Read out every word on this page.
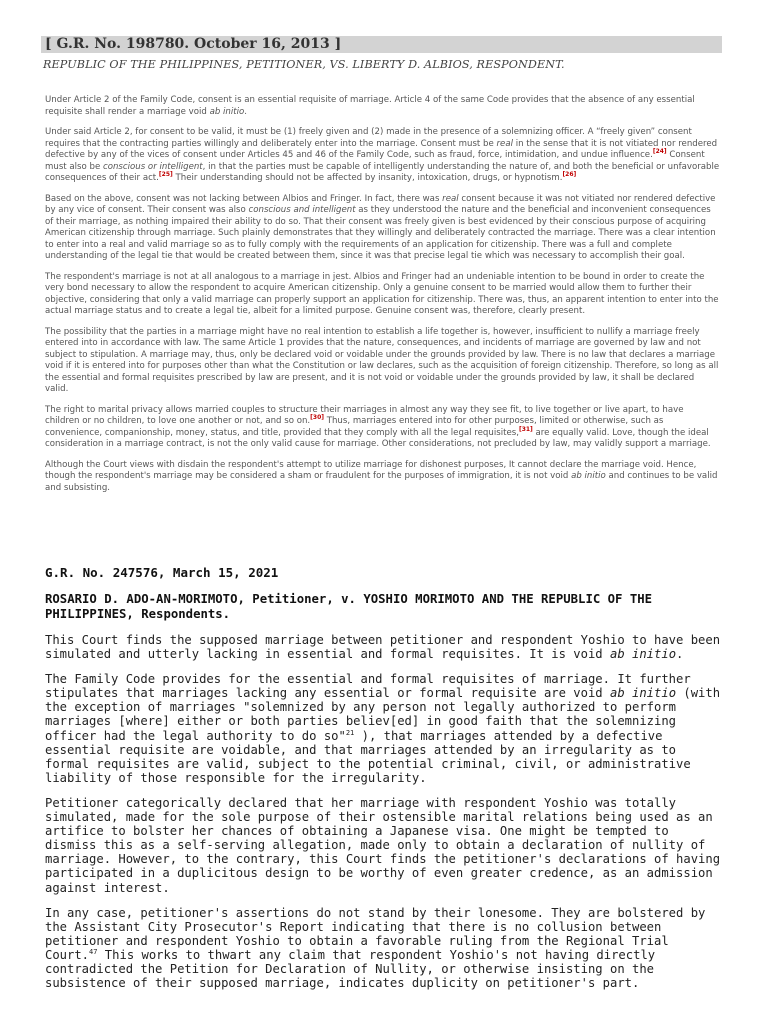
[ G.R. No. 198780. October 16, 2013 ]
REPUBLIC OF THE PHILIPPINES, PETITIONER, VS. LIBERTY D. ALBIOS, RESPONDENT.

Under Article 2 of the Family Code, consent is an essential requisite of marriage. Article 4 of the same Code provides that the absence of any essential requisite shall render a marriage void ab initio.

Under said Article 2, for consent to be valid, it must be (1) freely given and (2) made in the presence of a solemnizing officer. A “freely given” consent requires that the contracting parties willingly and deliberately enter into the marriage. Consent must be real in the sense that it is not vitiated nor rendered defective by any of the vices of consent under Articles 45 and 46 of the Family Code, such as fraud, force, intimidation, and undue influence.[24] Consent must also be conscious or intelligent, in that the parties must be capable of intelligently understanding the nature of, and both the beneficial or unfavorable consequences of their act.[25] Their understanding should not be affected by insanity, intoxication, drugs, or hypnotism.[26]

Based on the above, consent was not lacking between Albios and Fringer. In fact, there was real consent because it was not vitiated nor rendered defective by any vice of consent. Their consent was also conscious and intelligent as they understood the nature and the beneficial and inconvenient consequences of their marriage, as nothing impaired their ability to do so. That their consent was freely given is best evidenced by their conscious purpose of acquiring American citizenship through marriage. Such plainly demonstrates that they willingly and deliberately contracted the marriage. There was a clear intention to enter into a real and valid marriage so as to fully comply with the requirements of an application for citizenship. There was a full and complete understanding of the legal tie that would be created between them, since it was that precise legal tie which was necessary to accomplish their goal.

The respondent's marriage is not at all analogous to a marriage in jest. Albios and Fringer had an undeniable intention to be bound in order to create the very bond necessary to allow the respondent to acquire American citizenship. Only a genuine consent to be married would allow them to further their objective, considering that only a valid marriage can properly support an application for citizenship. There was, thus, an apparent intention to enter into the actual marriage status and to create a legal tie, albeit for a limited purpose. Genuine consent was, therefore, clearly present.

The possibility that the parties in a marriage might have no real intention to establish a life together is, however, insufficient to nullify a marriage freely entered into in accordance with law. The same Article 1 provides that the nature, consequences, and incidents of marriage are governed by law and not subject to stipulation. A marriage may, thus, only be declared void or voidable under the grounds provided by law. There is no law that declares a marriage void if it is entered into for purposes other than what the Constitution or law declares, such as the acquisition of foreign citizenship. Therefore, so long as all the essential and formal requisites prescribed by law are present, and it is not void or voidable under the grounds provided by law, it shall be declared valid.

The right to marital privacy allows married couples to structure their marriages in almost any way they see fit, to live together or live apart, to have children or no children, to love one another or not, and so on.[30] Thus, marriages entered into for other purposes, limited or otherwise, such as convenience, companionship, money, status, and title, provided that they comply with all the legal requisites,[31] are equally valid. Love, though the ideal consideration in a marriage contract, is not the only valid cause for marriage. Other considerations, not precluded by law, may validly support a marriage.

Although the Court views with disdain the respondent's attempt to utilize marriage for dishonest purposes, It cannot declare the marriage void. Hence, though the respondent's marriage may be considered a sham or fraudulent for the purposes of immigration, it is not void ab initio and continues to be valid and subsisting.

G.R. No. 247576, March 15, 2021
ROSARIO D. ADO-AN-MORIMOTO, Petitioner, v. YOSHIO MORIMOTO AND THE REPUBLIC OF THE PHILIPPINES, Respondents.

This Court finds the supposed marriage between petitioner and respondent Yoshio to have been simulated and utterly lacking in essential and formal requisites. It is void ab initio.

The Family Code provides for the essential and formal requisites of marriage. It further stipulates that marriages lacking any essential or formal requisite are void ab initio (with the exception of marriages "solemnized by any person not legally authorized to perform marriages [where] either or both parties believ[ed] in good faith that the solemnizing officer had the legal authority to do so"$^{21}$ ), that marriages attended by a defective essential requisite are voidable, and that marriages attended by an irregularity as to formal requisites are valid, subject to the potential criminal, civil, or administrative liability of those responsible for the irregularity.

Petitioner categorically declared that her marriage with respondent Yoshio was totally simulated, made for the sole purpose of their ostensible marital relations being used as an artifice to bolster her chances of obtaining a Japanese visa. One might be tempted to dismiss this as a self-serving allegation, made only to obtain a declaration of nullity of marriage. However, to the contrary, this Court finds the petitioner's declarations of having participated in a duplicitous design to be worthy of even greater credence, as an admission against interest.

In any case, petitioner's assertions do not stand by their lonesome. They are bolstered by the Assistant City Prosecutor's Report indicating that there is no collusion between petitioner and respondent Yoshio to obtain a favorable ruling from the Regional Trial Court.$^{47}$ This works to thwart any claim that respondent Yoshio's not having directly contradicted the Petition for Declaration of Nullity, or otherwise insisting on the subsistence of their supposed marriage, indicates duplicity on petitioner's part.
